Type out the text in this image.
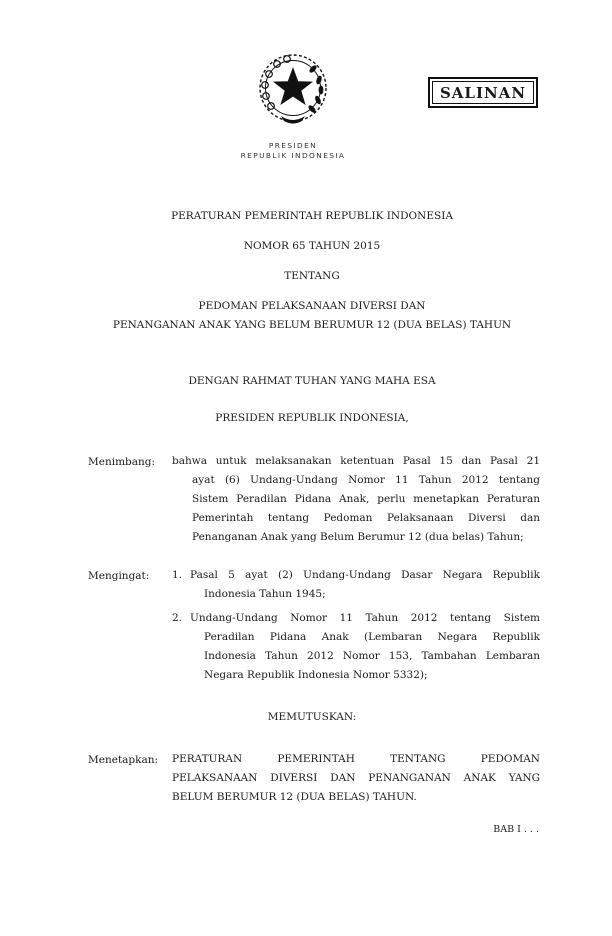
SALINAN
PRESIDEN
REPUBLIK INDONESIA
PERATURAN PEMERINTAH REPUBLIK INDONESIA
NOMOR 65 TAHUN 2015
TENTANG
PEDOMAN PELAKSANAAN DIVERSI DAN
PENANGANAN ANAK YANG BELUM BERUMUR 12 (DUA BELAS) TAHUN
DENGAN RAHMAT TUHAN YANG MAHA ESA
PRESIDEN REPUBLIK INDONESIA,
Menimbang: bahwa untuk melaksanakan ketentuan Pasal 15 dan Pasal 21
ayat (6) Undang-Undang Nomor 11 Tahun 2012 tentang
Sistem Peradilan Pidana Anak, perlu menetapkan Peraturan
Pemerintah tentang Pedoman Pelaksanaan Diversi dan
Penanganan Anak yang Belum Berumur 12 (dua belas) Tahun;
Mengingat: 1. Pasal 5 ayat (2) Undang-Undang Dasar Negara Republik
Indonesia Tahun 1945;
2. Undang-Undang Nomor 11 Tahun 2012 tentang Sistem
Peradilan Pidana Anak (Lembaran Negara Republik
Indonesia Tahun 2012 Nomor 153, Tambahan Lembaran
Negara Republik Indonesia Nomor 5332);
MEMUTUSKAN:
Menetapkan: PERATURAN PEMERINTAH TENTANG PEDOMAN
PELAKSANAAN DIVERSI DAN PENANGANAN ANAK YANG
BELUM BERUMUR 12 (DUA BELAS) TAHUN.
BAB I . . .
